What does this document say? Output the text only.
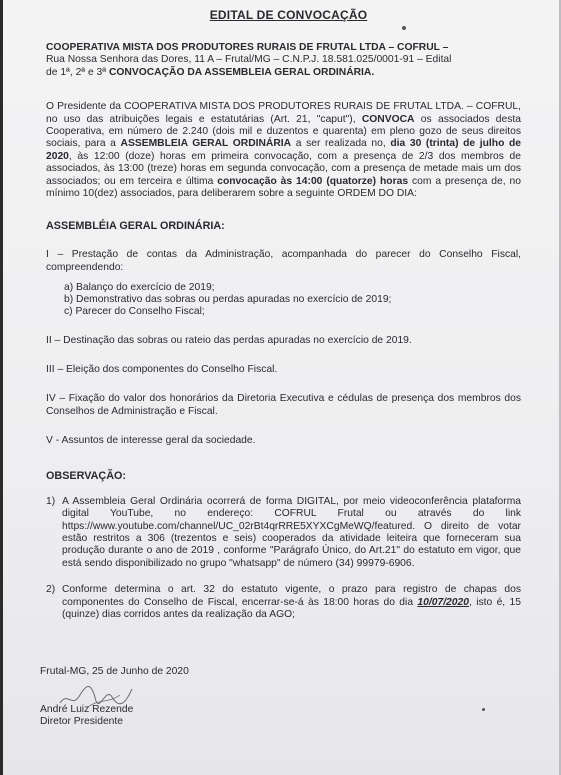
EDITAL DE CONVOCAÇÃO

COOPERATIVA MISTA DOS PRODUTORES RURAIS DE FRUTAL LTDA – COFRUL –

Rua Nossa Senhora das Dores, 11 A – Frutal/MG – C.N.P.J. 18.581.025/0001-91 – Edital

de 1ª, 2ª e 3ª CONVOCAÇÃO DA ASSEMBLEIA GERAL ORDINÁRIA.

O Presidente da COOPERATIVA MISTA DOS PRODUTORES RURAIS DE FRUTAL LTDA. – COFRUL, no uso das atribuições legais e estatutárias (Art. 21, "caput"), CONVOCA os associados desta Cooperativa, em número de 2.240 (dois mil e duzentos e quarenta) em pleno gozo de seus direitos sociais, para a ASSEMBLEIA GERAL ORDINÁRIA a ser realizada no, dia 30 (trinta) de julho de 2020, às 12:00 (doze) horas em primeira convocação, com a presença de 2/3 dos membros de associados, às 13:00 (treze) horas em segunda convocação, com a presença de metade mais um dos associados; ou em terceira e última convocação às 14:00 (quatorze) horas com a presença de, no mínimo 10(dez) associados, para deliberarem sobre a seguinte ORDEM DO DIA:

ASSEMBLÉIA GERAL ORDINÁRIA:

I – Prestação de contas da Administração, acompanhada do parecer do Conselho Fiscal, compreendendo:

a) Balanço do exercício de 2019;
b) Demonstrativo das sobras ou perdas apuradas no exercício de 2019;
c) Parecer do Conselho Fiscal;

II – Destinação das sobras ou rateio das perdas apuradas no exercício de 2019.

III – Eleição dos componentes do Conselho Fiscal.

IV – Fixação do valor dos honorários da Diretoria Executiva e cédulas de presença dos membros dos Conselhos de Administração e Fiscal.

V - Assuntos de interesse geral da sociedade.

OBSERVAÇÃO:
1) A Assembleia Geral Ordinária ocorrerá de forma DIGITAL, por meio videoconferência plataforma digital YouTube, no endereço: COFRUL Frutal ou através do link https://www.youtube.com/channel/UC_02rBt4qrRRE5XYXCgMeWQ/featured. O direito de votar estão restritos a 306 (trezentos e seis) cooperados da atividade leiteira que forneceram sua produção durante o ano de 2019 , conforme "Parágrafo Único, do Art.21" do estatuto em vigor, que está sendo disponibilizado no grupo "whatsapp" de número (34) 99979-6906.

2) Conforme determina o art. 32 do estatuto vigente, o prazo para registro de chapas dos componentes do Conselho de Fiscal, encerrar-se-á às 18:00 horas do dia 10/07/2020, isto é, 15 (quinze) dias corridos antes da realização da AGO;

Frutal-MG, 25 de Junho de 2020
André Luiz Rezende
Diretor Presidente
